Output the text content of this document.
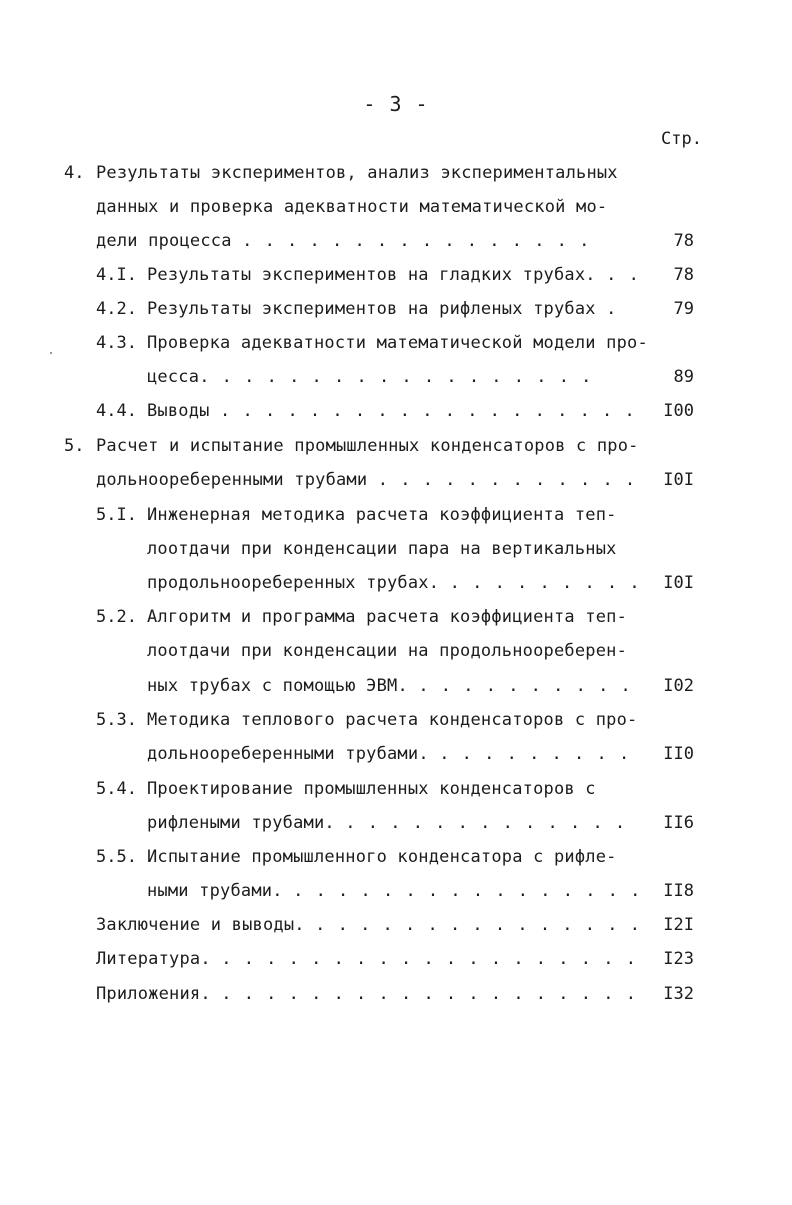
- 3 -
Стр.
4. Результаты экспериментов, анализ экспериментальных
данных и проверка адекватности математической мо-
дели процесса . . . . . . . . . . . . . . . .	78
4.I. Результаты экспериментов на гладких трубах. . . 78
4.2. Результаты экспериментов на рифленых трубах .	79
4.3. Проверка адекватности математической модели про-
цесса. . . . . . . . . . . . . . . . . .	89
4.4. Выводы . . . . . . . . . . . . . . . . . . . I00
5. Расчет и испытание промышленных конденсаторов с про-
дольноореберенными трубами . . . . . . . . . . . . I0I
5.I. Инженерная методика расчета коэффициента теп-
лоотдачи при конденсации пара на вертикальных
продольноореберенных трубах. . . . . . . . . . I0I
5.2. Алгоритм и программа расчета коэффициента теп-
лоотдачи при конденсации на продольноореберен-
ных трубах с помощью ЭВМ. . . . . . . . . . . I02
5.3. Методика теплового расчета конденсаторов с про-
дольноореберенными трубами. . . . . . . . . . II0
5.4. Проектирование промышленных конденсаторов с
рифлеными трубами. . . . . . . . . . . . . . II6
5.5. Испытание промышленного конденсатора с рифле-
ными трубами. . . . . . . . . . . . . . . . . II8
Заключение и выводы. . . . . . . . . . . . . . . . I2I
Литература. . . . . . . . . . . . . . . . . . . . I23
Приложения. . . . . . . . . . . . . . . . . . . . I32
